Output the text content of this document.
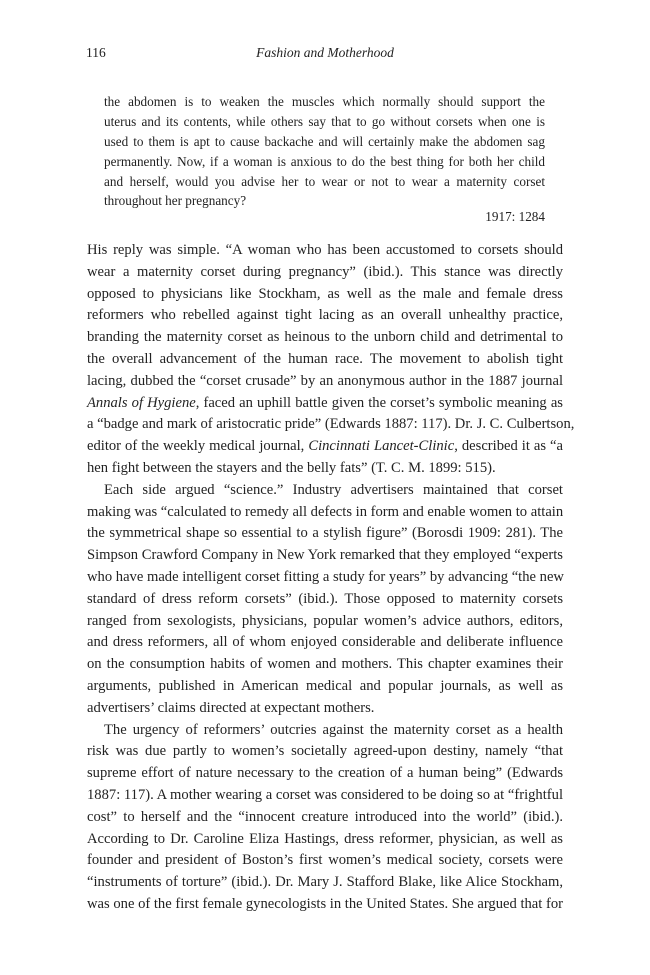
116	Fashion and Motherhood
the abdomen is to weaken the muscles which normally should support the
uterus and its contents, while others say that to go without corsets when one is
used to them is apt to cause backache and will certainly make the abdomen sag
permanently. Now, if a woman is anxious to do the best thing for both her child
and herself, would you advise her to wear or not to wear a maternity corset
throughout her pregnancy?
1917: 1284
His reply was simple. “A woman who has been accustomed to corsets should
wear a maternity corset during pregnancy” (ibid.). This stance was directly
opposed to physicians like Stockham, as well as the male and female dress
reformers who rebelled against tight lacing as an overall unhealthy practice,
branding the maternity corset as heinous to the unborn child and detrimental to
the overall advancement of the human race. The movement to abolish tight
lacing, dubbed the “corset crusade” by an anonymous author in the 1887 journal
Annals of Hygiene, faced an uphill battle given the corset’s symbolic meaning as
a “badge and mark of aristocratic pride” (Edwards 1887: 117). Dr. J. C. Culbertson,
editor of the weekly medical journal, Cincinnati Lancet-Clinic, described it as “a
hen fight between the stayers and the belly fats” (T. C. M. 1899: 515).
Each side argued “science.” Industry advertisers maintained that corset
making was “calculated to remedy all defects in form and enable women to attain
the symmetrical shape so essential to a stylish figure” (Borosdi 1909: 281). The
Simpson Crawford Company in New York remarked that they employed “experts
who have made intelligent corset fitting a study for years” by advancing “the new
standard of dress reform corsets” (ibid.). Those opposed to maternity corsets
ranged from sexologists, physicians, popular women’s advice authors, editors,
and dress reformers, all of whom enjoyed considerable and deliberate influence
on the consumption habits of women and mothers. This chapter examines their
arguments, published in American medical and popular journals, as well as
advertisers’ claims directed at expectant mothers.
The urgency of reformers’ outcries against the maternity corset as a health
risk was due partly to women’s societally agreed-upon destiny, namely “that
supreme effort of nature necessary to the creation of a human being” (Edwards
1887: 117). A mother wearing a corset was considered to be doing so at “frightful
cost” to herself and the “innocent creature introduced into the world” (ibid.).
According to Dr. Caroline Eliza Hastings, dress reformer, physician, as well as
founder and president of Boston’s first women’s medical society, corsets were
“instruments of torture” (ibid.). Dr. Mary J. Stafford Blake, like Alice Stockham,
was one of the first female gynecologists in the United States. She argued that for
